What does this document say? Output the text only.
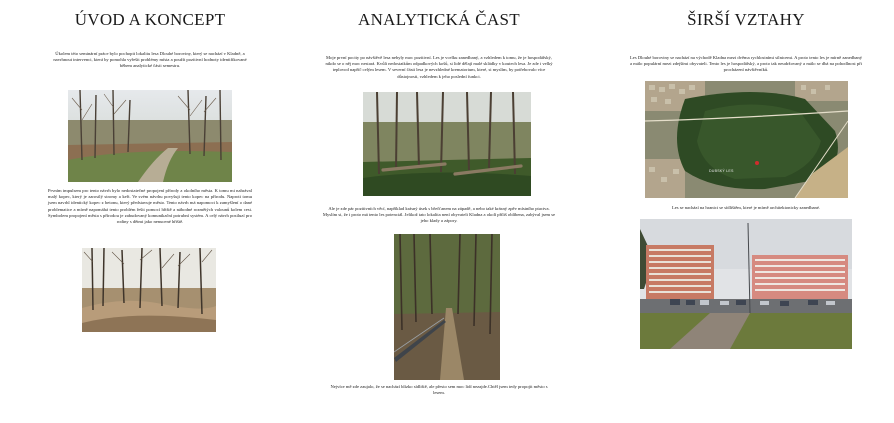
ÚVOD A KONCEPT

Úkolem této seminární práce bylo pochopit lokalitu lesa Dlouhé boroviny, který se nachází v Kladně, a navrhnout intervenci, která by pomohla vyřešit problémy místa a použít pozitivní hodnoty identifikované během analytické části semestru.

Prvním impulsem pro tento návrh bylo nedostatečné propojení přírody a okolního města. K tomu mi nahrával malý kopec, který je zarostlý stromy a keři. Ve svém návrhu povyšuji tento kopec na přírodu. Naproti tomu jsem navrhl identický kopec z betonu, který představuje město. Tento návrh má napomoct k zamyšlení o dané problematice a mírně napomáhá tento problém řešit pomocí hřiště a nábodné rozmětých valounů kolem cest. Symbolem propojení města s přírodou je zabudovaný komunikační potrubní systém. A celý návrh posiluzí pro rodiny s dětmi jako nenucené hřiště.

ANALYTICKÁ ČAST

Moje první pocity po návštěvě lesa nebyly moc pozitivní. Les je vcelku zanedbaný, a vzhledem k tomu, že je hospodářský, nikdo se o něj moc nestará. Kvůli nedostatkům odpadkových košů, si lidé dělají malé skládky v koutech lesa. Je zde i velký teplovod napříč celým lesem. V severní části lesa je nevzhledné krematorium, které, si myslím, by potřebovalo více důstojnosti, vzhledem k jeho poslední funkci.

Ale je zde pár pozitivních věcí, například krásný úsek s břečťanem na západě, a nebo také krásný zpěv místního ptactva. Myslím si, že i proto má tento les potenciál. Jelikož tato lokalita není obyvateli Kladna a okolí příliš oblíbena, zabýval jsem se jeho klady a zápory.

Nejvíce mě zde zaujalo, že se nachází blízko sídliště, ale přesto sem moc lidí nezajde.Chtěl jsem tedy propojit město s lesem.

ŠIRŠÍ VZTAHY

Les Dlouhé boroviny se nachází na východě Kladna mezi dvěma rychlostními silnicemi. A proto tento les je mírně zanedbaný a málo populární mezi zdejšími obyvateli. Tento les je hospodářský, a proto tak neudržovaný a málo se dbá na pohodlnost při procházení návštěvníků.

DUBSKÝ LES

Les se nachází na hranici se sídlištěm, které je mírně architektonicky zanedbané.
